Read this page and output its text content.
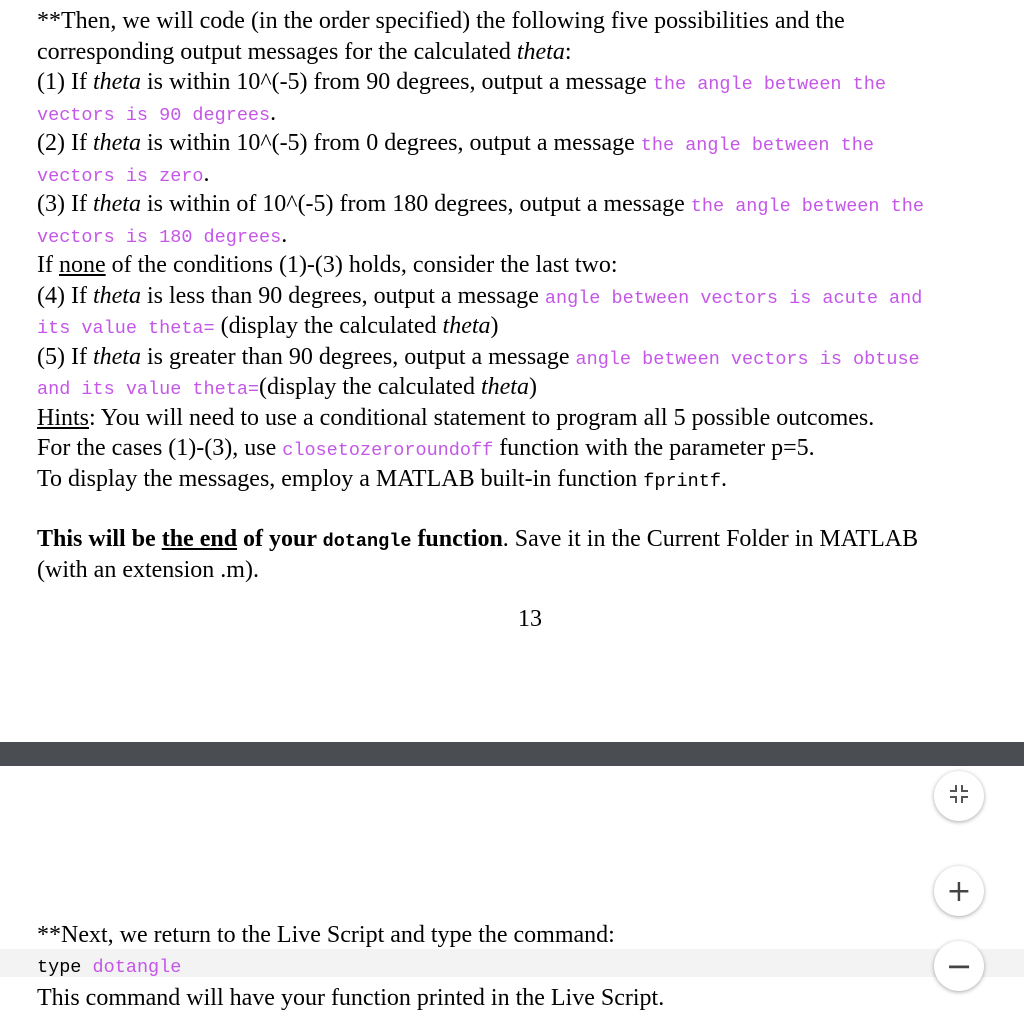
**Then, we will code (in the order specified) the following five possibilities and the
corresponding output messages for the calculated theta:
(1) If theta is within 10^(-5) from 90 degrees, output a message the angle between the
vectors is 90 degrees.
(2) If theta is within 10^(-5) from 0 degrees, output a message the angle between the
vectors is zero.
(3) If theta is within of 10^(-5) from 180 degrees, output a message the angle between the
vectors is 180 degrees.
If none of the conditions (1)-(3) holds, consider the last two:
(4) If theta is less than 90 degrees, output a message angle between vectors is acute and
its value theta= (display the calculated theta)
(5) If theta is greater than 90 degrees, output a message angle between vectors is obtuse
and its value theta=(display the calculated theta)
Hints: You will need to use a conditional statement to program all 5 possible outcomes.
For the cases (1)-(3), use closetozeroroundoff function with the parameter p=5.
To display the messages, employ a MATLAB built-in function fprintf.
This will be the end of your dotangle function. Save it in the Current Folder in MATLAB
(with an extension .m).
13
**Next, we return to the Live Script and type the command:
type dotangle
This command will have your function printed in the Live Script.
+
−
